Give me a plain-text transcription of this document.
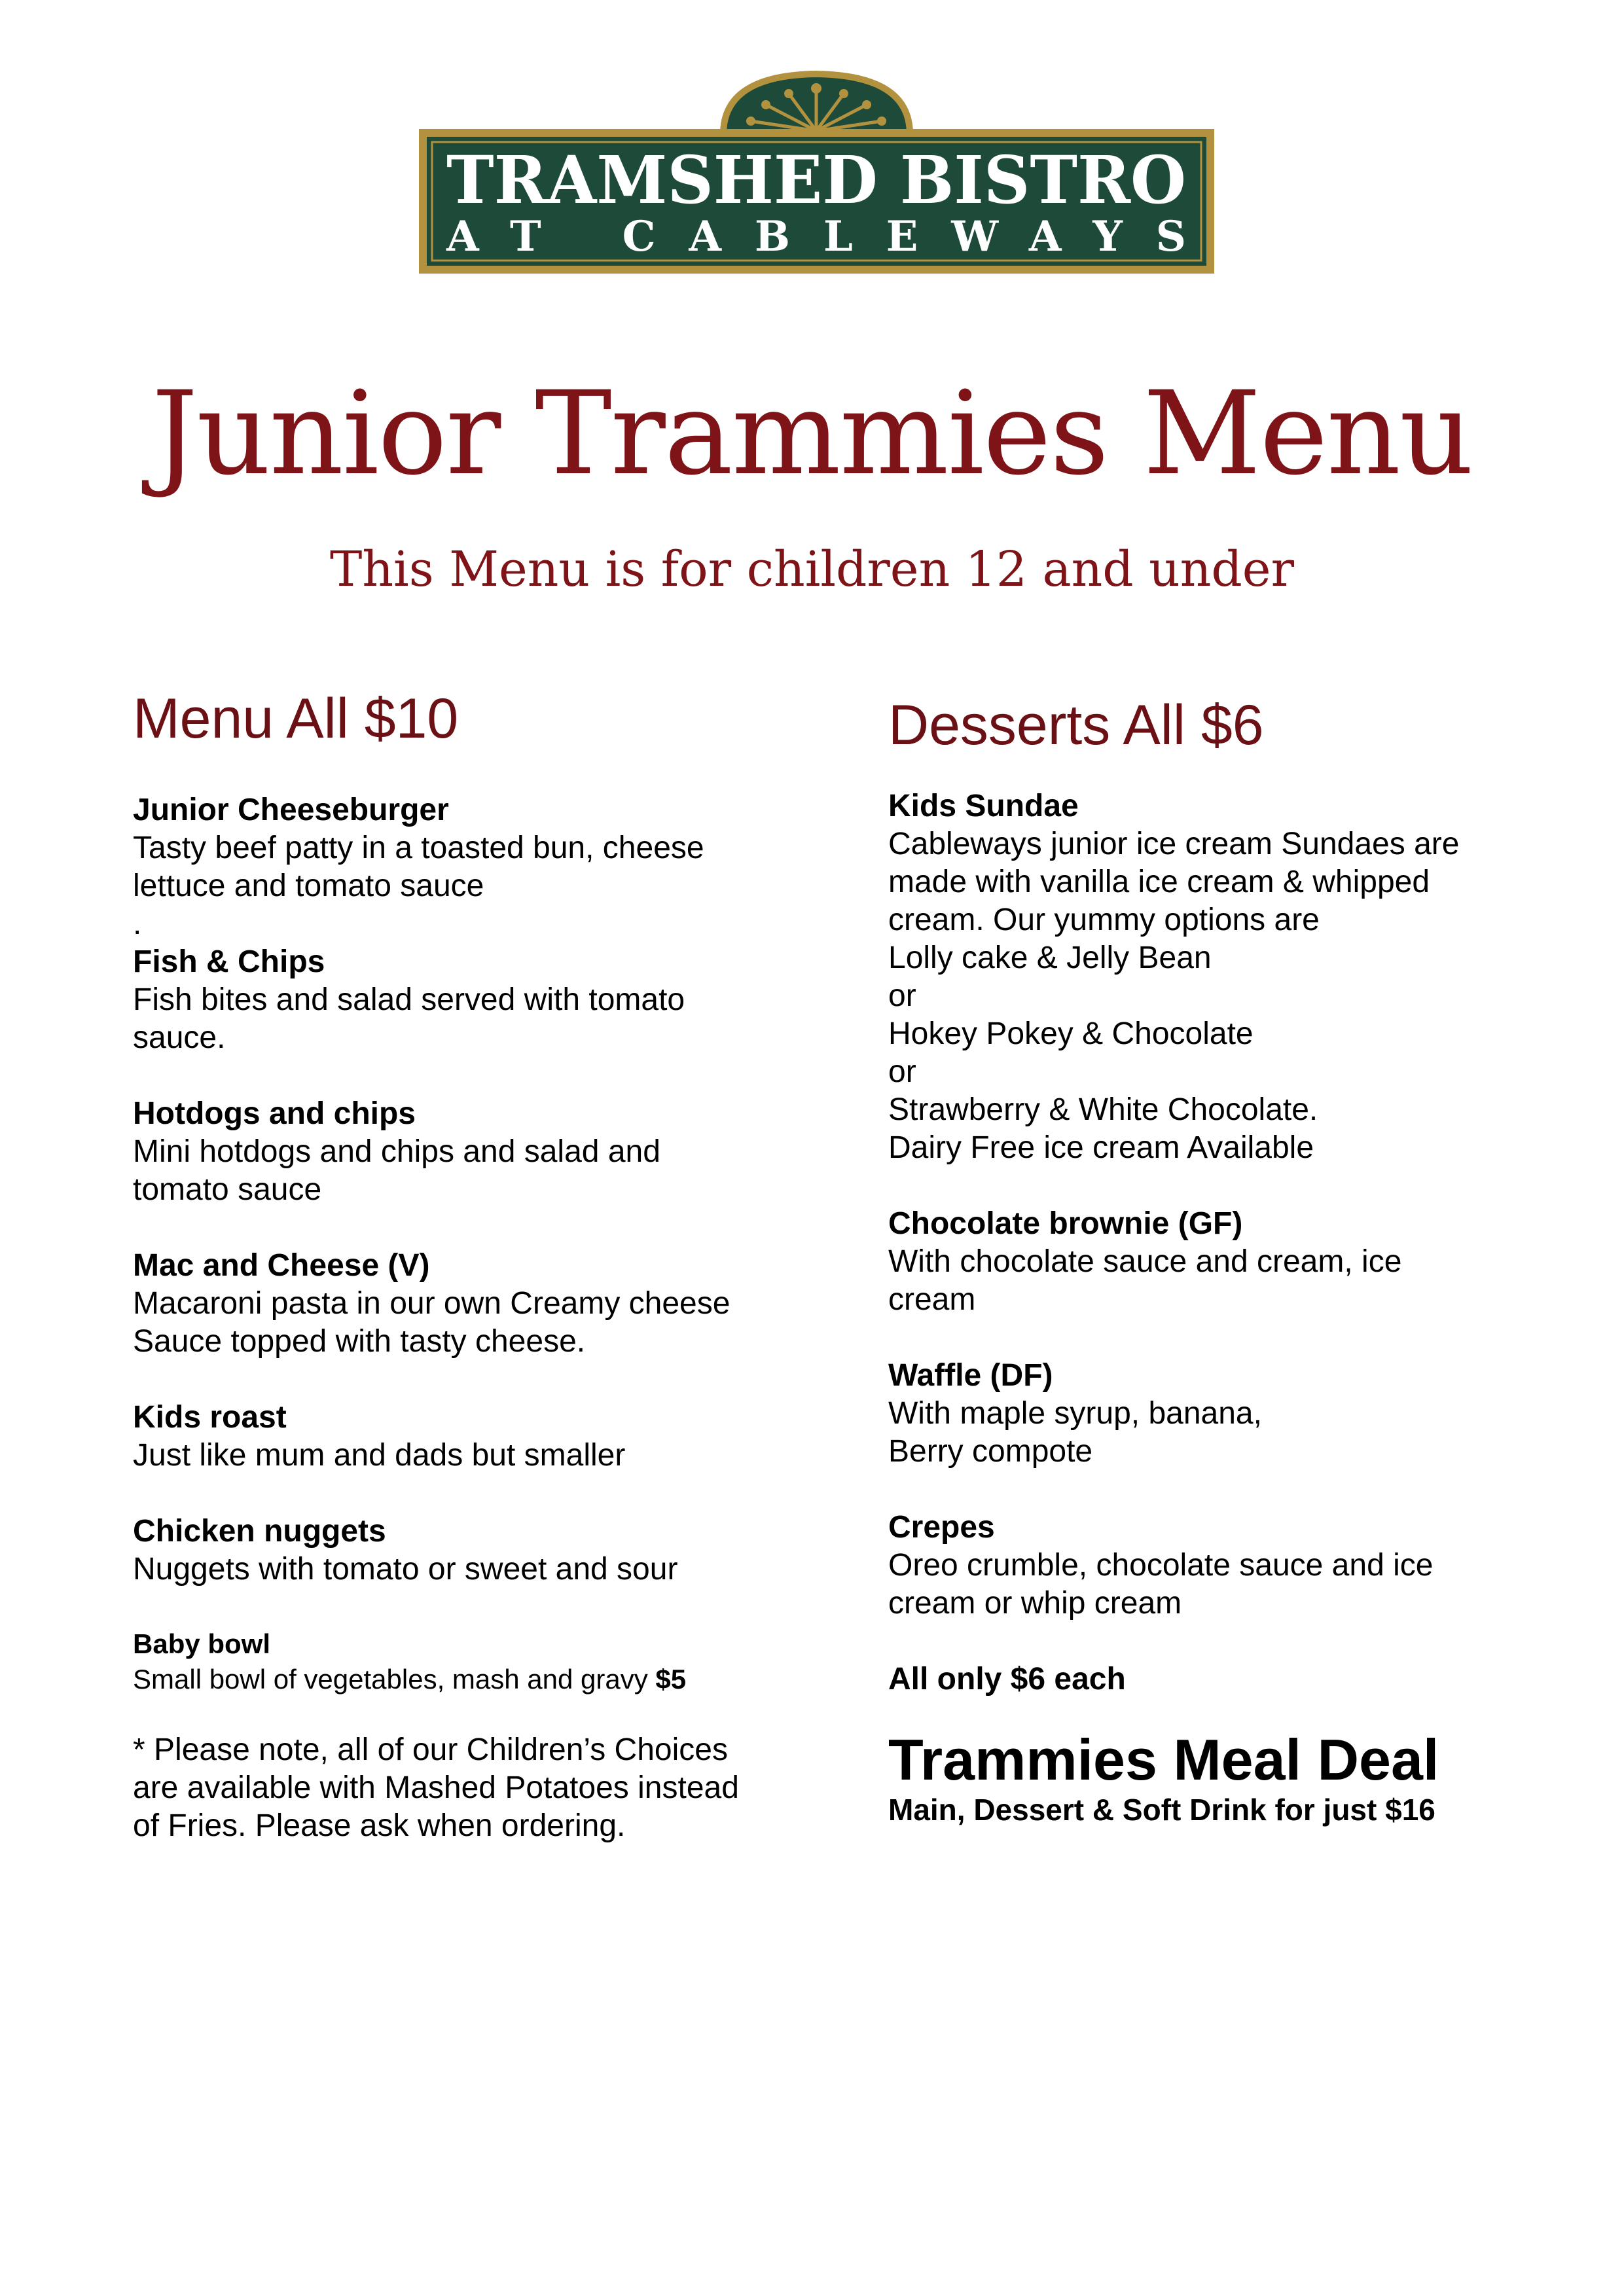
TRAMSHED BISTRO
AT CABLEWAYS
Junior Trammies Menu
This Menu is for children 12 and under
Menu All $10
Junior Cheeseburger
Tasty beef patty in a toasted bun, cheese
lettuce and tomato sauce
.
Fish & Chips
Fish bites and salad served with tomato
sauce.
Hotdogs and chips
Mini hotdogs and chips and salad and
tomato sauce
Mac and Cheese (V)
Macaroni pasta in our own Creamy cheese
Sauce topped with tasty cheese.
Kids roast
Just like mum and dads but smaller
Chicken nuggets
Nuggets with tomato or sweet and sour
Baby bowl
Small bowl of vegetables, mash and gravy $5
* Please note, all of our Children’s Choices
are available with Mashed Potatoes instead
of Fries. Please ask when ordering.
Desserts All $6
Kids Sundae
Cableways junior ice cream Sundaes are
made with vanilla ice cream & whipped
cream. Our yummy options are
Lolly cake & Jelly Bean
or
Hokey Pokey & Chocolate
or
Strawberry & White Chocolate.
Dairy Free ice cream Available
Chocolate brownie (GF)
With chocolate sauce and cream, ice
cream
Waffle (DF)
With maple syrup, banana,
Berry compote
Crepes
Oreo crumble, chocolate sauce and ice
cream or whip cream
All only $6 each
Trammies Meal Deal
Main, Dessert & Soft Drink for just $16
